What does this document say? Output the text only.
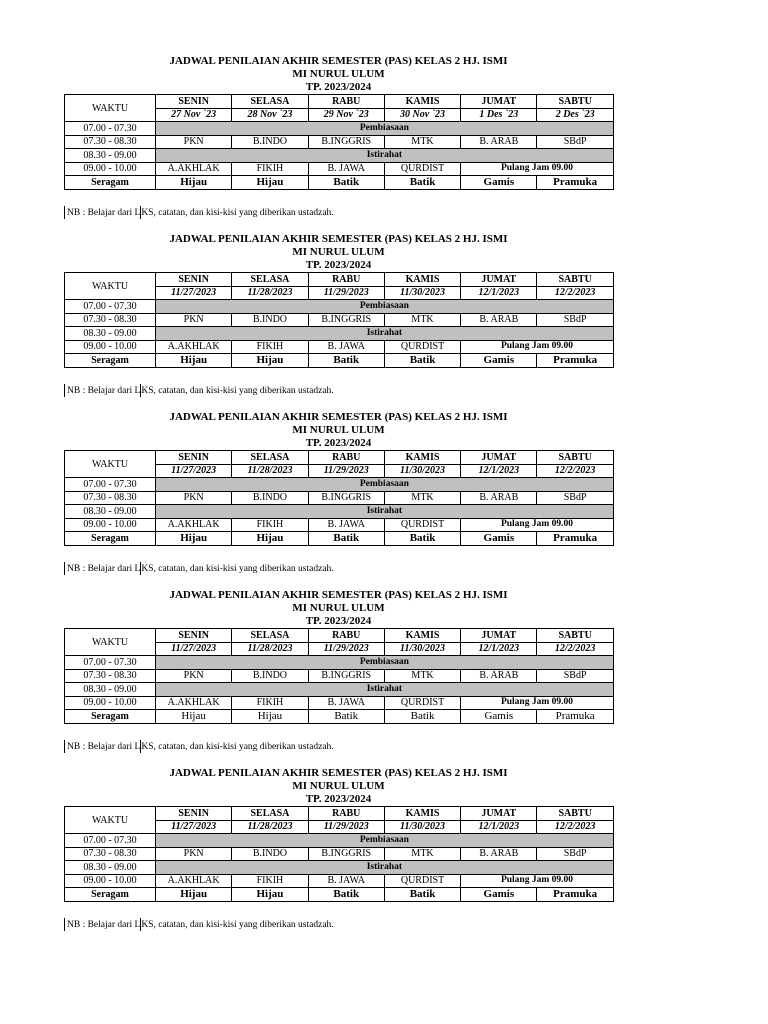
JADWAL PENILAIAN AKHIR SEMESTER (PAS) KELAS 2 HJ. ISMI
MI NURUL ULUM
TP. 2023/2024
WAKTU	SENIN	SELASA	RABU	KAMIS	JUMAT	SABTU
	27 Nov `23	28 Nov `23	29 Nov `23	30 Nov `23	1 Des `23	2 Des `23
07.00 - 07.30	Pembiasaan					
07.30 - 08.30	PKN	B.INDO	B.INGGRIS	MTK	B. ARAB	SBdP
08.30 - 09.00	Istirahat					
09.00 - 10.00	A.AKHLAK	FIKIH	B. JAWA	QURDIST	Pulang Jam 09.00	
Seragam	Hijau	Hijau	Batik	Batik	Gamis	Pramuka
NB : Belajar dari LKS, catatan, dan kisi-kisi yang diberikan ustadzah.
JADWAL PENILAIAN AKHIR SEMESTER (PAS) KELAS 2 HJ. ISMI
MI NURUL ULUM
TP. 2023/2024
WAKTU	SENIN	SELASA	RABU	KAMIS	JUMAT	SABTU
	11/27/2023	11/28/2023	11/29/2023	11/30/2023	12/1/2023	12/2/2023
07.00 - 07.30	Pembiasaan					
07.30 - 08.30	PKN	B.INDO	B.INGGRIS	MTK	B. ARAB	SBdP
08.30 - 09.00	Istirahat					
09.00 - 10.00	A.AKHLAK	FIKIH	B. JAWA	QURDIST	Pulang Jam 09.00	
Seragam	Hijau	Hijau	Batik	Batik	Gamis	Pramuka
NB : Belajar dari LKS, catatan, dan kisi-kisi yang diberikan ustadzah.
JADWAL PENILAIAN AKHIR SEMESTER (PAS) KELAS 2 HJ. ISMI
MI NURUL ULUM
TP. 2023/2024
WAKTU	SENIN	SELASA	RABU	KAMIS	JUMAT	SABTU
	11/27/2023	11/28/2023	11/29/2023	11/30/2023	12/1/2023	12/2/2023
07.00 - 07.30	Pembiasaan					
07.30 - 08.30	PKN	B.INDO	B.INGGRIS	MTK	B. ARAB	SBdP
08.30 - 09.00	Istirahat					
09.00 - 10.00	A.AKHLAK	FIKIH	B. JAWA	QURDIST	Pulang Jam 09.00	
Seragam	Hijau	Hijau	Batik	Batik	Gamis	Pramuka
NB : Belajar dari LKS, catatan, dan kisi-kisi yang diberikan ustadzah.
JADWAL PENILAIAN AKHIR SEMESTER (PAS) KELAS 2 HJ. ISMI
MI NURUL ULUM
TP. 2023/2024
WAKTU	SENIN	SELASA	RABU	KAMIS	JUMAT	SABTU
	11/27/2023	11/28/2023	11/29/2023	11/30/2023	12/1/2023	12/2/2023
07.00 - 07.30	Pembiasaan					
07.30 - 08.30	PKN	B.INDO	B.INGGRIS	MTK	B. ARAB	SBdP
08.30 - 09.00	Istirahat					
09.00 - 10.00	A.AKHLAK	FIKIH	B. JAWA	QURDIST	Pulang Jam 09.00	
Seragam	Hijau	Hijau	Batik	Batik	Gamis	Pramuka
NB : Belajar dari LKS, catatan, dan kisi-kisi yang diberikan ustadzah.
JADWAL PENILAIAN AKHIR SEMESTER (PAS) KELAS 2 HJ. ISMI
MI NURUL ULUM
TP. 2023/2024
WAKTU	SENIN	SELASA	RABU	KAMIS	JUMAT	SABTU
	11/27/2023	11/28/2023	11/29/2023	11/30/2023	12/1/2023	12/2/2023
07.00 - 07.30	Pembiasaan					
07.30 - 08.30	PKN	B.INDO	B.INGGRIS	MTK	B. ARAB	SBdP
08.30 - 09.00	Istirahat					
09.00 - 10.00	A.AKHLAK	FIKIH	B. JAWA	QURDIST	Pulang Jam 09.00	
Seragam	Hijau	Hijau	Batik	Batik	Gamis	Pramuka
NB : Belajar dari LKS, catatan, dan kisi-kisi yang diberikan ustadzah.
